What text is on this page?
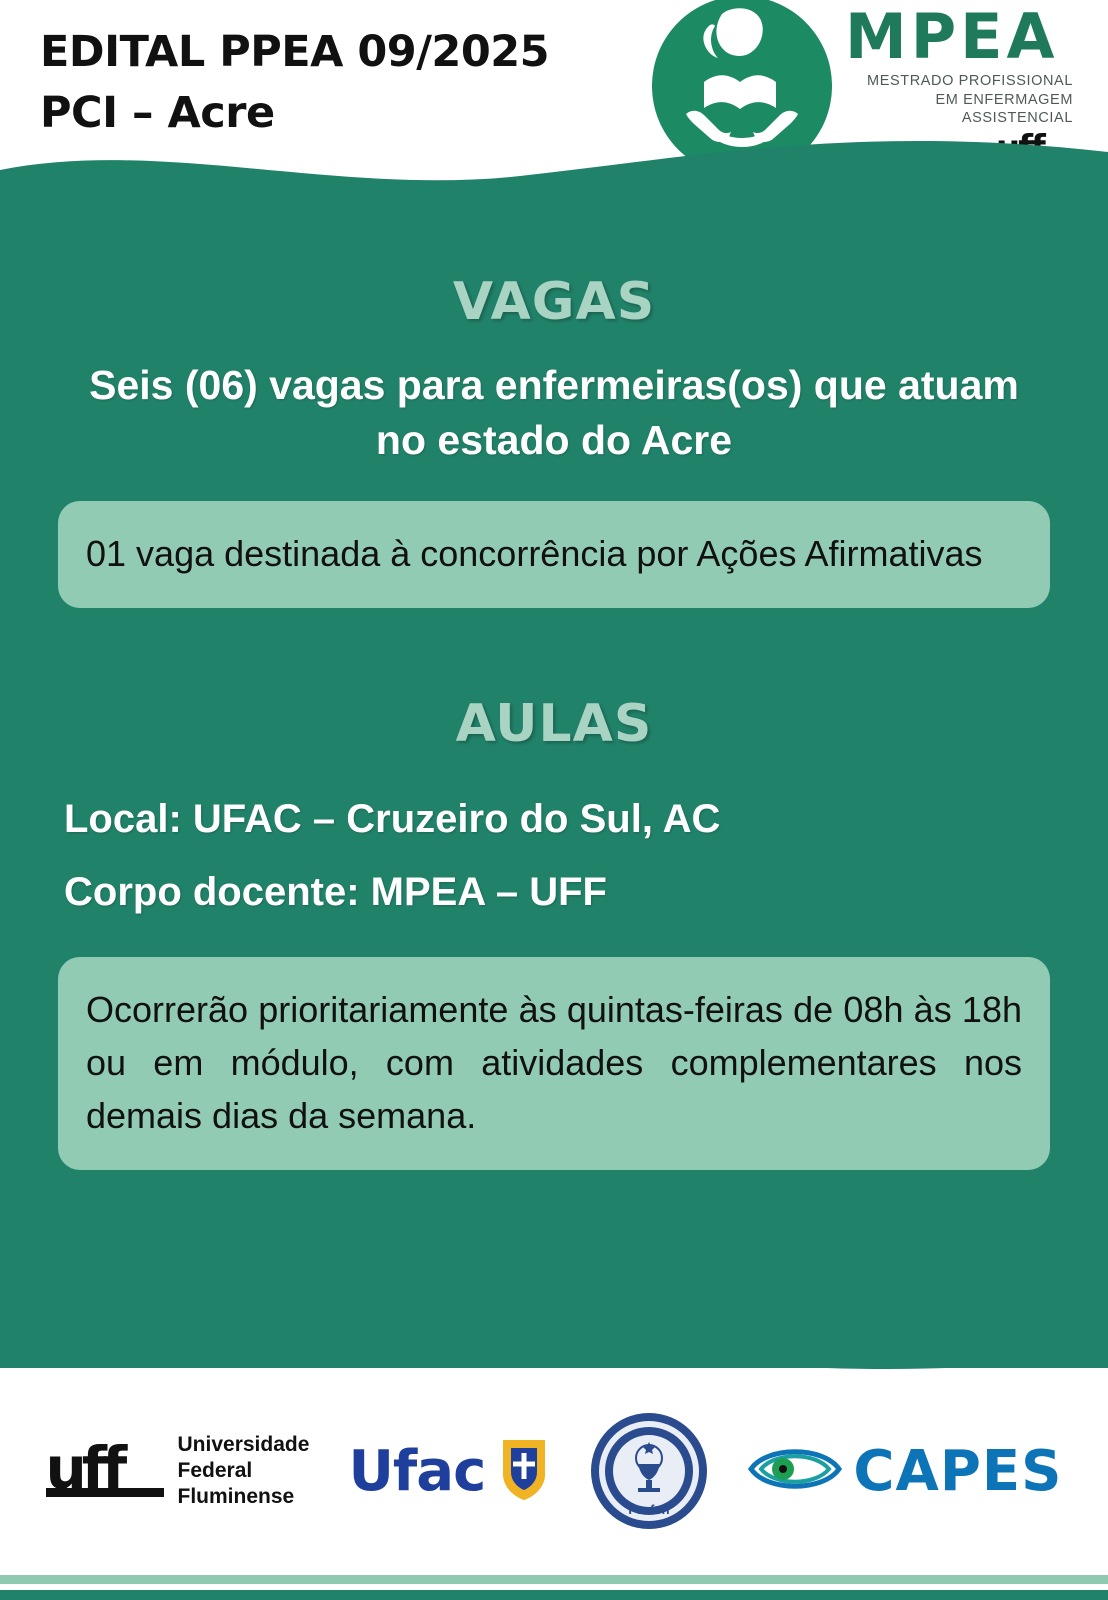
EDITAL PPEA 09/2025
PCI – Acre
MPEA
MESTRADO PROFISSIONAL EM ENFERMAGEM ASSISTENCIAL
VAGAS
Seis (06) vagas para enfermeiras(os) que atuam no estado do Acre
01 vaga destinada à concorrência por Ações Afirmativas
AULAS
Local: UFAC – Cruzeiro do Sul, AC
Corpo docente: MPEA – UFF
Ocorrerão prioritariamente às quintas-feiras de 08h às 18h ou em módulo, com atividades complementares nos demais dias da semana.
uff	Universidade
Federal
Fluminense Ufac
Profen
CAPES
